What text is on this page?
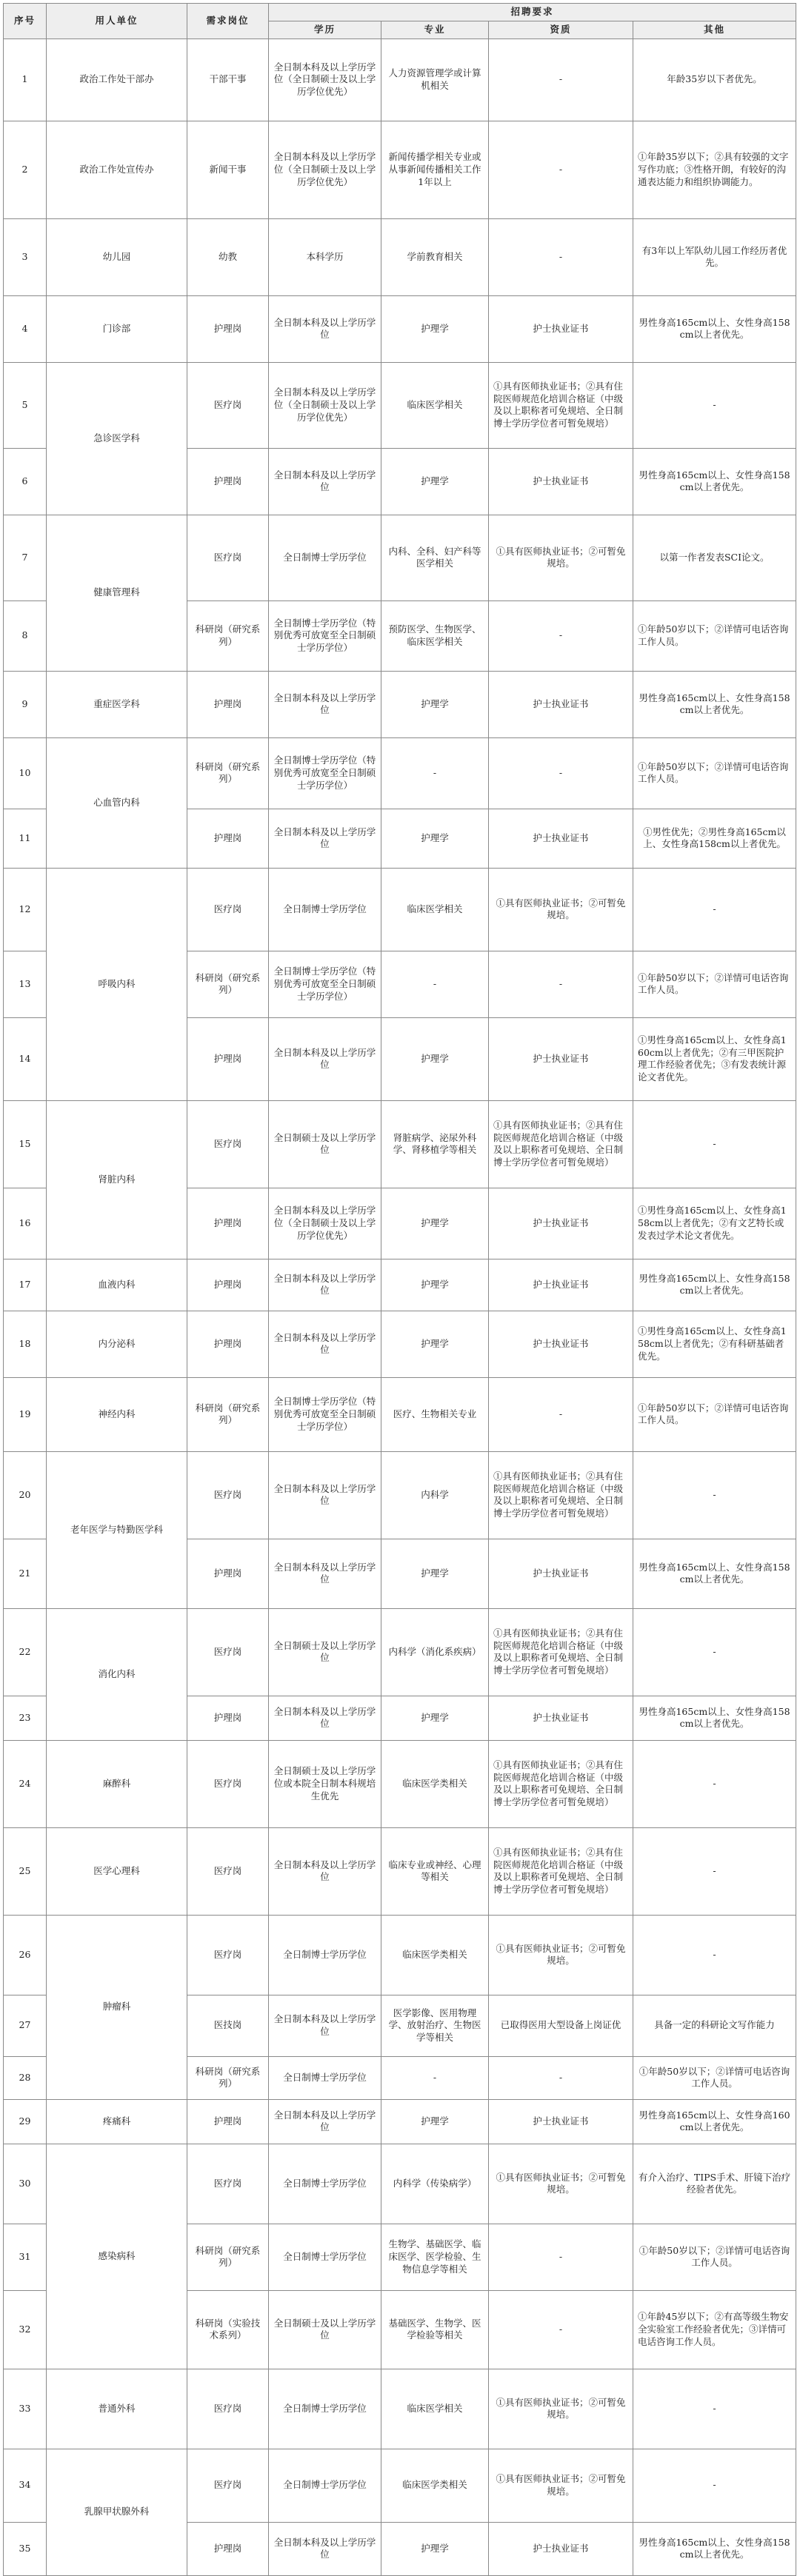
序号	用人单位	需求岗位	招聘要求			
			学历	专业	资质	其他
1	政治工作处干部办	干部干事	全日制本科及以上学历学位（全日制硕士及以上学历学位优先）	人力资源管理学或计算机相关	-	年龄35岁以下者优先。
2	政治工作处宣传办	新闻干事	全日制本科及以上学历学位（全日制硕士及以上学历学位优先）	新闻传播学相关专业或从事新闻传播相关工作1年以上	-	①年龄35岁以下；②具有较强的文字写作功底；③性格开朗，有较好的沟通表达能力和组织协调能力。
3	幼儿园	幼教	本科学历	学前教育相关	-	有3年以上军队幼儿园工作经历者优先。
4	门诊部	护理岗	全日制本科及以上学历学位	护理学	护士执业证书	男性身高165cm以上、女性身高158cm以上者优先。
5	急诊医学科	医疗岗	全日制本科及以上学历学位（全日制硕士及以上学历学位优先）	临床医学相关	①具有医师执业证书；②具有住院医师规范化培训合格证（中级及以上职称者可免规培、全日制博士学历学位者可暂免规培）	-
6		护理岗	全日制本科及以上学历学位	护理学	护士执业证书	男性身高165cm以上、女性身高158cm以上者优先。
7	健康管理科	医疗岗	全日制博士学历学位	内科、全科、妇产科等医学相关	①具有医师执业证书；②可暂免规培。	以第一作者发表SCI论文。
8		科研岗（研究系列）	全日制博士学历学位（特别优秀可放宽至全日制硕士学历学位）	预防医学、生物医学、临床医学相关	-	①年龄50岁以下；②详情可电话咨询工作人员。
9	重症医学科	护理岗	全日制本科及以上学历学位	护理学	护士执业证书	男性身高165cm以上、女性身高158cm以上者优先。
10	心血管内科	科研岗（研究系列）	全日制博士学历学位（特别优秀可放宽至全日制硕士学历学位）	-	-	①年龄50岁以下；②详情可电话咨询工作人员。
11		护理岗	全日制本科及以上学历学位	护理学	护士执业证书	①男性优先；②男性身高165cm以上、女性身高158cm以上者优先。
12	呼吸内科	医疗岗	全日制博士学历学位	临床医学相关	①具有医师执业证书；②可暂免规培。	-
13		科研岗（研究系列）	全日制博士学历学位（特别优秀可放宽至全日制硕士学历学位）	-	-	①年龄50岁以下；②详情可电话咨询工作人员。
14		护理岗	全日制本科及以上学历学位	护理学	护士执业证书	①男性身高165cm以上、女性身高160cm以上者优先；②有三甲医院护理工作经验者优先；③有发表统计源论文者优先。
15	肾脏内科	医疗岗	全日制硕士及以上学历学位	肾脏病学、泌尿外科学、肾移植学等相关	①具有医师执业证书；②具有住院医师规范化培训合格证（中级及以上职称者可免规培、全日制博士学历学位者可暂免规培）	-
16		护理岗	全日制本科及以上学历学位（全日制硕士及以上学历学位优先）	护理学	护士执业证书	①男性身高165cm以上、女性身高158cm以上者优先；②有文艺特长或发表过学术论文者优先。
17	血液内科	护理岗	全日制本科及以上学历学位	护理学	护士执业证书	男性身高165cm以上、女性身高158cm以上者优先。
18	内分泌科	护理岗	全日制本科及以上学历学位	护理学	护士执业证书	①男性身高165cm以上、女性身高158cm以上者优先；②有科研基础者优先。
19	神经内科	科研岗（研究系列）	全日制博士学历学位（特别优秀可放宽至全日制硕士学历学位）	医疗、生物相关专业	-	①年龄50岁以下；②详情可电话咨询工作人员。
20	老年医学与特勤医学科	医疗岗	全日制本科及以上学历学位	内科学	①具有医师执业证书；②具有住院医师规范化培训合格证（中级及以上职称者可免规培、全日制博士学历学位者可暂免规培）	-
21		护理岗	全日制本科及以上学历学位	护理学	护士执业证书	男性身高165cm以上、女性身高158cm以上者优先。
22	消化内科	医疗岗	全日制硕士及以上学历学位	内科学（消化系疾病）	①具有医师执业证书；②具有住院医师规范化培训合格证（中级及以上职称者可免规培、全日制博士学历学位者可暂免规培）	-
23		护理岗	全日制本科及以上学历学位	护理学	护士执业证书	男性身高165cm以上、女性身高158cm以上者优先。
24	麻醉科	医疗岗	全日制硕士及以上学历学位或本院全日制本科规培生优先	临床医学类相关	①具有医师执业证书；②具有住院医师规范化培训合格证（中级及以上职称者可免规培、全日制博士学历学位者可暂免规培）	-
25	医学心理科	医疗岗	全日制本科及以上学历学位	临床专业或神经、心理等相关	①具有医师执业证书；②具有住院医师规范化培训合格证（中级及以上职称者可免规培、全日制博士学历学位者可暂免规培）	-
26	肿瘤科	医疗岗	全日制博士学历学位	临床医学类相关	①具有医师执业证书；②可暂免规培。	-
27		医技岗	全日制本科及以上学历学位	医学影像、医用物理学、放射治疗、生物医学等相关	已取得医用大型设备上岗证优	具备一定的科研论文写作能力
28		科研岗（研究系列）	全日制博士学历学位	-	-	①年龄50岁以下；②详情可电话咨询工作人员。
29	疼痛科	护理岗	全日制本科及以上学历学位	护理学	护士执业证书	男性身高165cm以上、女性身高160cm以上者优先。
30	感染病科	医疗岗	全日制博士学历学位	内科学（传染病学）	①具有医师执业证书；②可暂免规培。	有介入治疗、TIPS手术、肝镜下治疗经验者优先。
31		科研岗（研究系列）	全日制博士学历学位	生物学、基础医学、临床医学、医学检验、生物信息学等相关	-	①年龄50岁以下；②详情可电话咨询工作人员。
32		科研岗（实验技术系列）	全日制硕士及以上学历学位	基础医学、生物学、医学检验等相关	-	①年龄45岁以下；②有高等级生物安全实验室工作经验者优先；③详情可电话咨询工作人员。
33	普通外科	医疗岗	全日制博士学历学位	临床医学相关	①具有医师执业证书；②可暂免规培。	-
34	乳腺甲状腺外科	医疗岗	全日制博士学历学位	临床医学类相关	①具有医师执业证书；②可暂免规培。	-
35		护理岗	全日制本科及以上学历学位	护理学	护士执业证书	男性身高165cm以上、女性身高158cm以上者优先。
